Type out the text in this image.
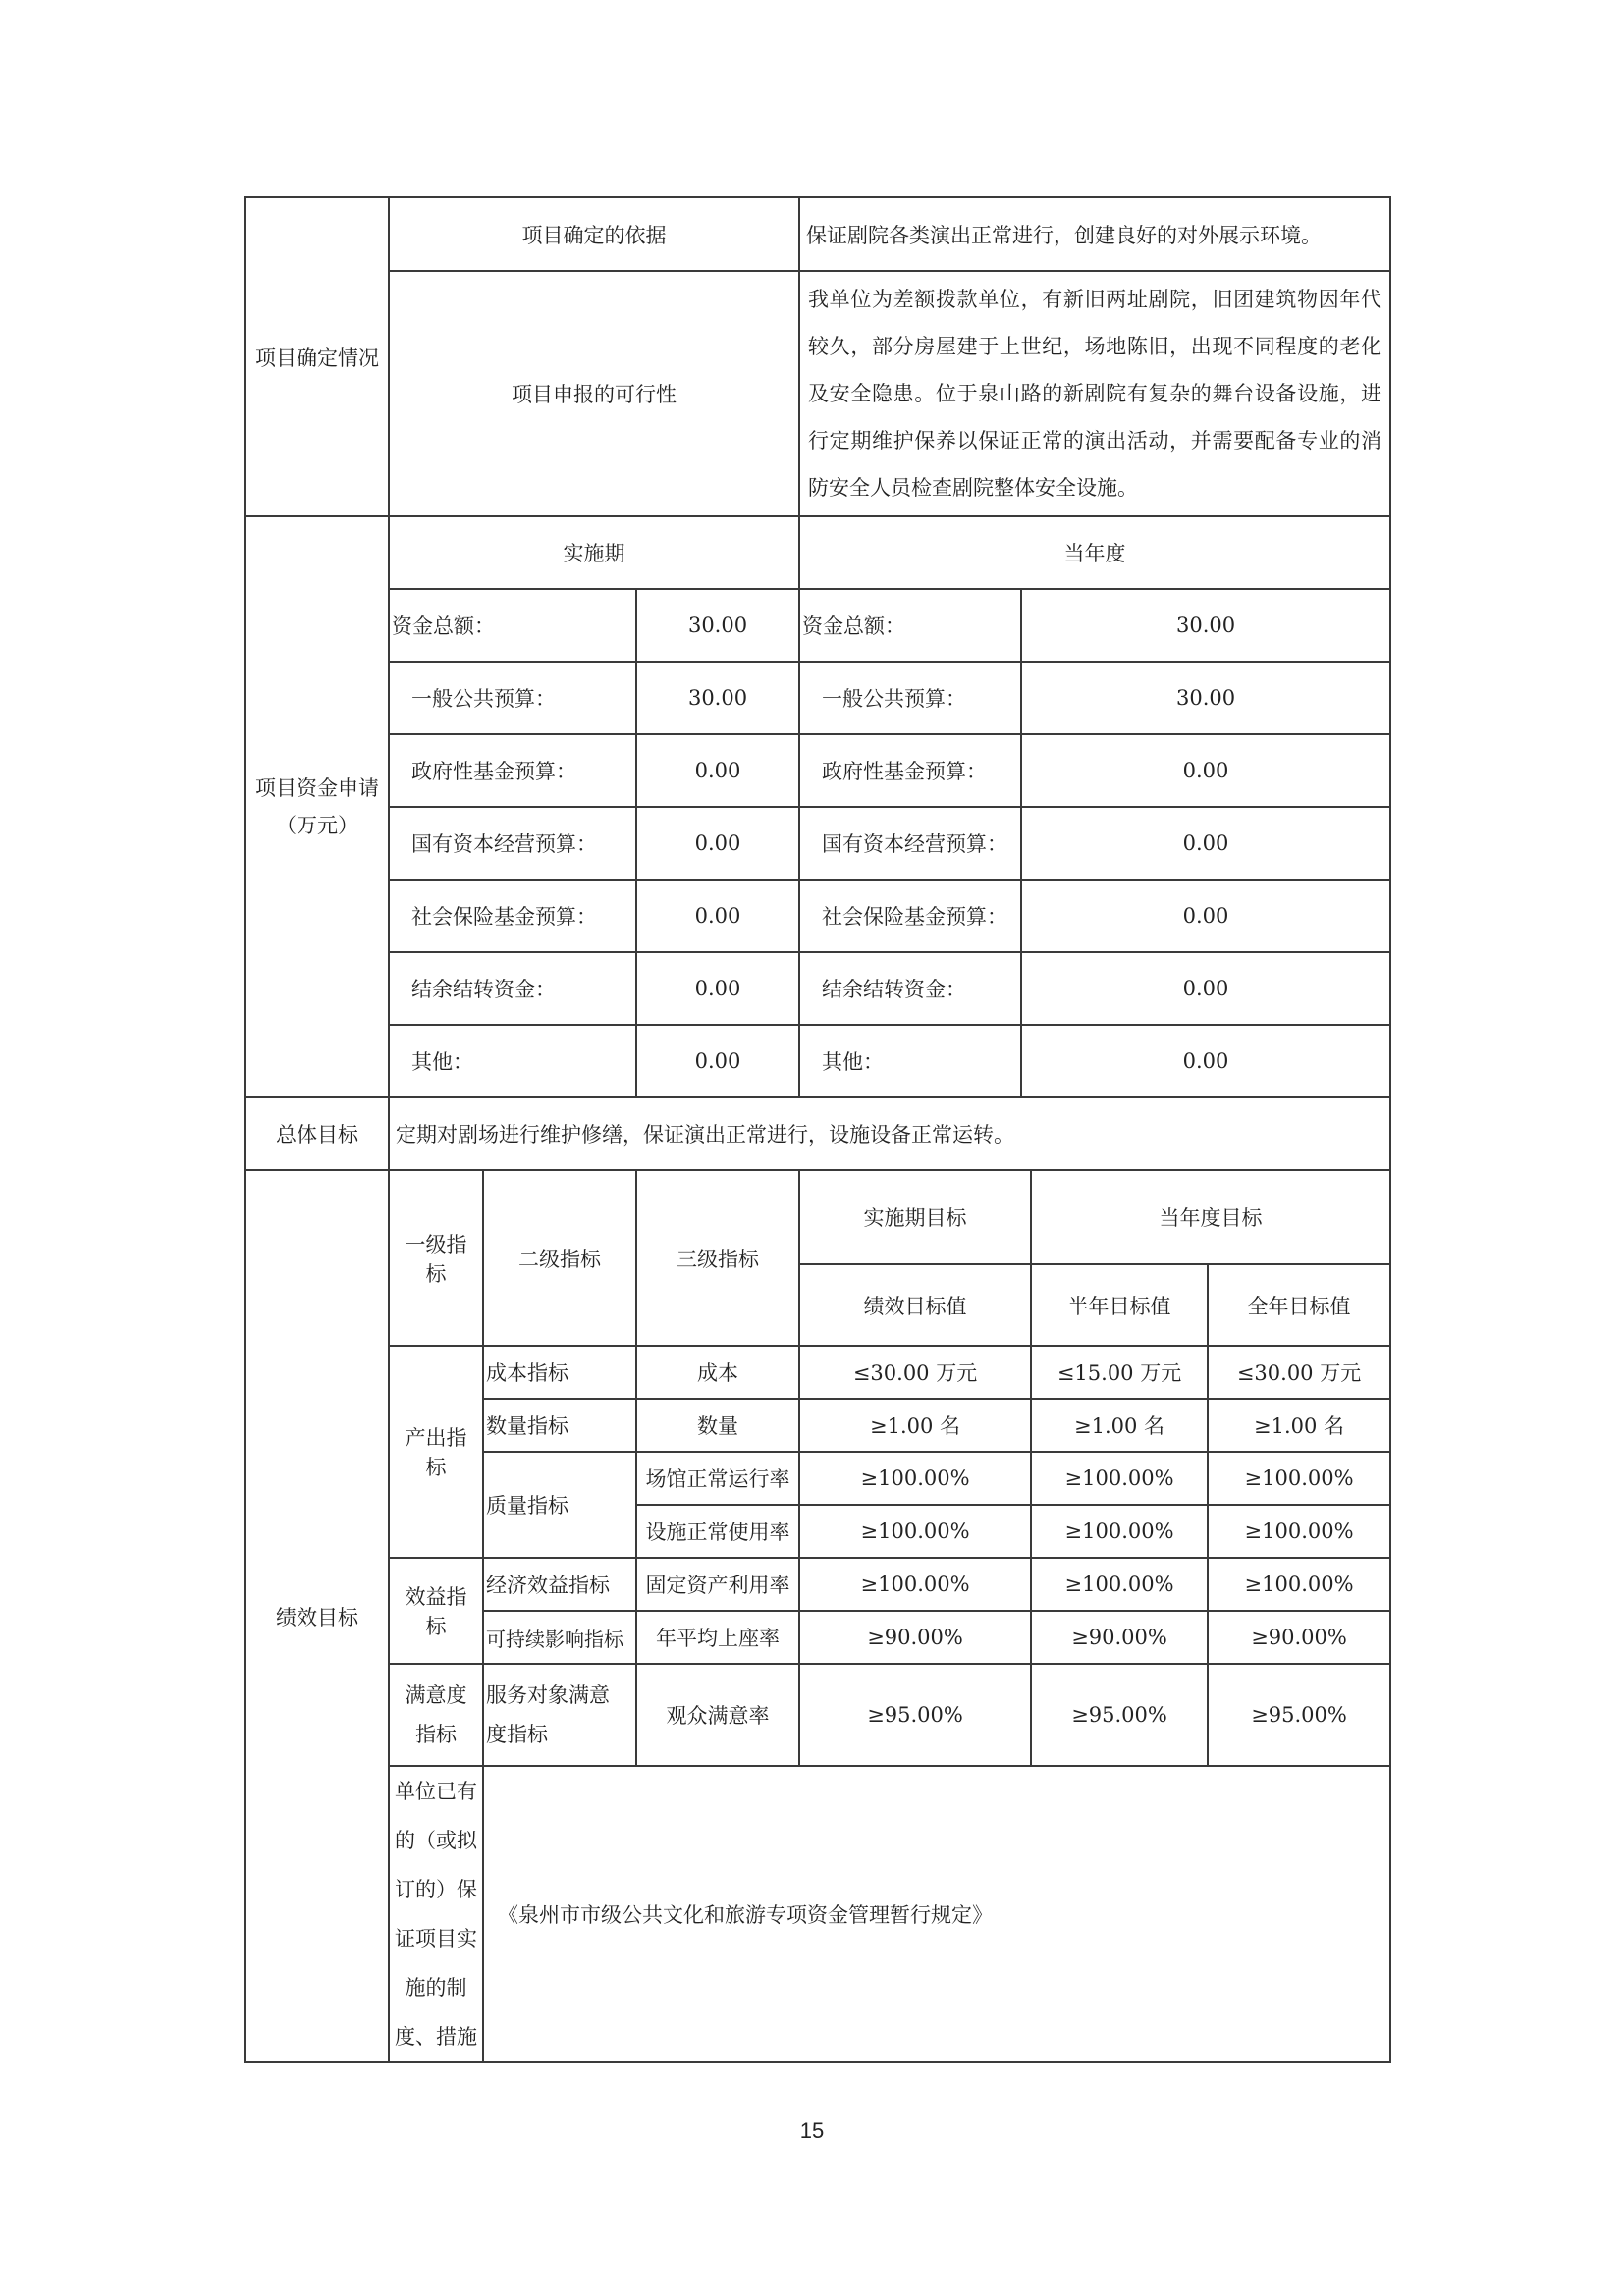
项目确定情况	项目确定的依据			保证剧院各类演出正常进行，创建良好的对外展示环境。			
	项目申报的可行性			我单位为差额拨款单位，有新旧两址剧院，旧团建筑物因年代较久，部分房屋建于上世纪，场地陈旧，出现不同程度的老化及安全隐患。位于泉山路的新剧院有复杂的舞台设备设施，进行定期维护保养以保证正常的演出活动，并需要配备专业的消防安全人员检查剧院整体安全设施。			
项目资金申请（万元）	实施期			当年度			
	资金总额：		30.00	资金总额：	30.00		
	一般公共预算：		30.00	一般公共预算：	30.00		
	政府性基金预算：		0.00	政府性基金预算：	0.00		
	国有资本经营预算：		0.00	国有资本经营预算：	0.00		
	社会保险基金预算：		0.00	社会保险基金预算：	0.00		
	结余结转资金：		0.00	结余结转资金：	0.00		
	其他：		0.00	其他：	0.00		
总体目标	定期对剧场进行维护修缮，保证演出正常进行，设施设备正常运转。						
绩效目标	一级指标	二级指标	三级指标	实施期目标		当年度目标	
				绩效目标值		半年目标值	全年目标值
	产出指标	成本指标	成本	≤30.00 万元		≤15.00 万元	≤30.00 万元
		数量指标	数量	≥1.00 名		≥1.00 名	≥1.00 名
		质量指标	场馆正常运行率	≥100.00%		≥100.00%	≥100.00%
			设施正常使用率	≥100.00%		≥100.00%	≥100.00%
	效益指标	经济效益指标	固定资产利用率	≥100.00%		≥100.00%	≥100.00%
		可持续影响指标	年平均上座率	≥90.00%		≥90.00%	≥90.00%
	满意度指标	服务对象满意度指标	观众满意率	≥95.00%		≥95.00%	≥95.00%
	单位已有的（或拟订的）保证项目实施的制度、措施	《泉州市市级公共文化和旅游专项资金管理暂行规定》					
15
